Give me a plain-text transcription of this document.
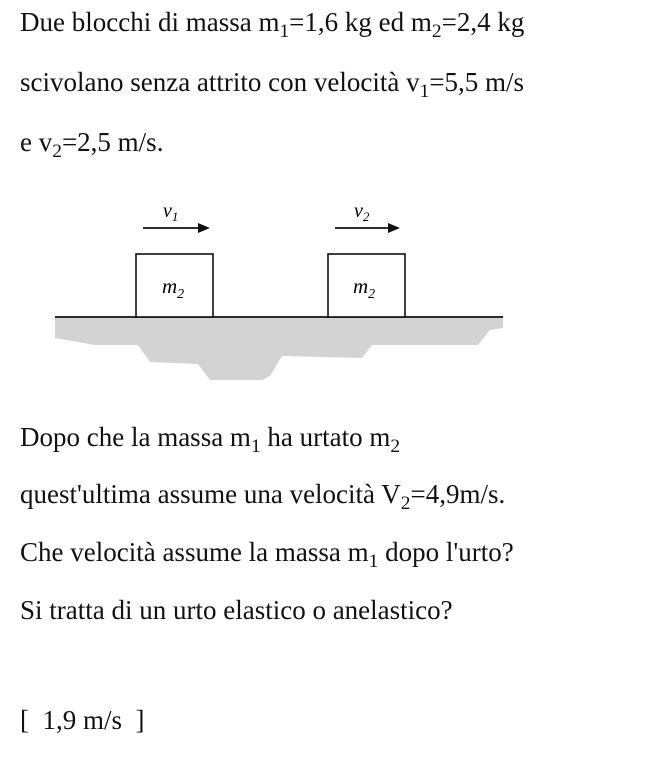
Due blocchi di massa $m_1=1,6$ kg ed $m_2=2,4$ kg
scivolano senza attrito con velocità $v_1=5,5$ m/s
e $v_2=2,5$ m/s.
$m_2$	$m_2$
$v_1$	$v_2$
Dopo che la massa $m_1$ ha urtato $m_2$
quest'ultima assume una velocità $V_2=4,9m/s$.
Che velocità assume la massa $m_1$ dopo l'urto?
Si tratta di un urto elastico o anelastico?
[  1,9 m/s  ]
